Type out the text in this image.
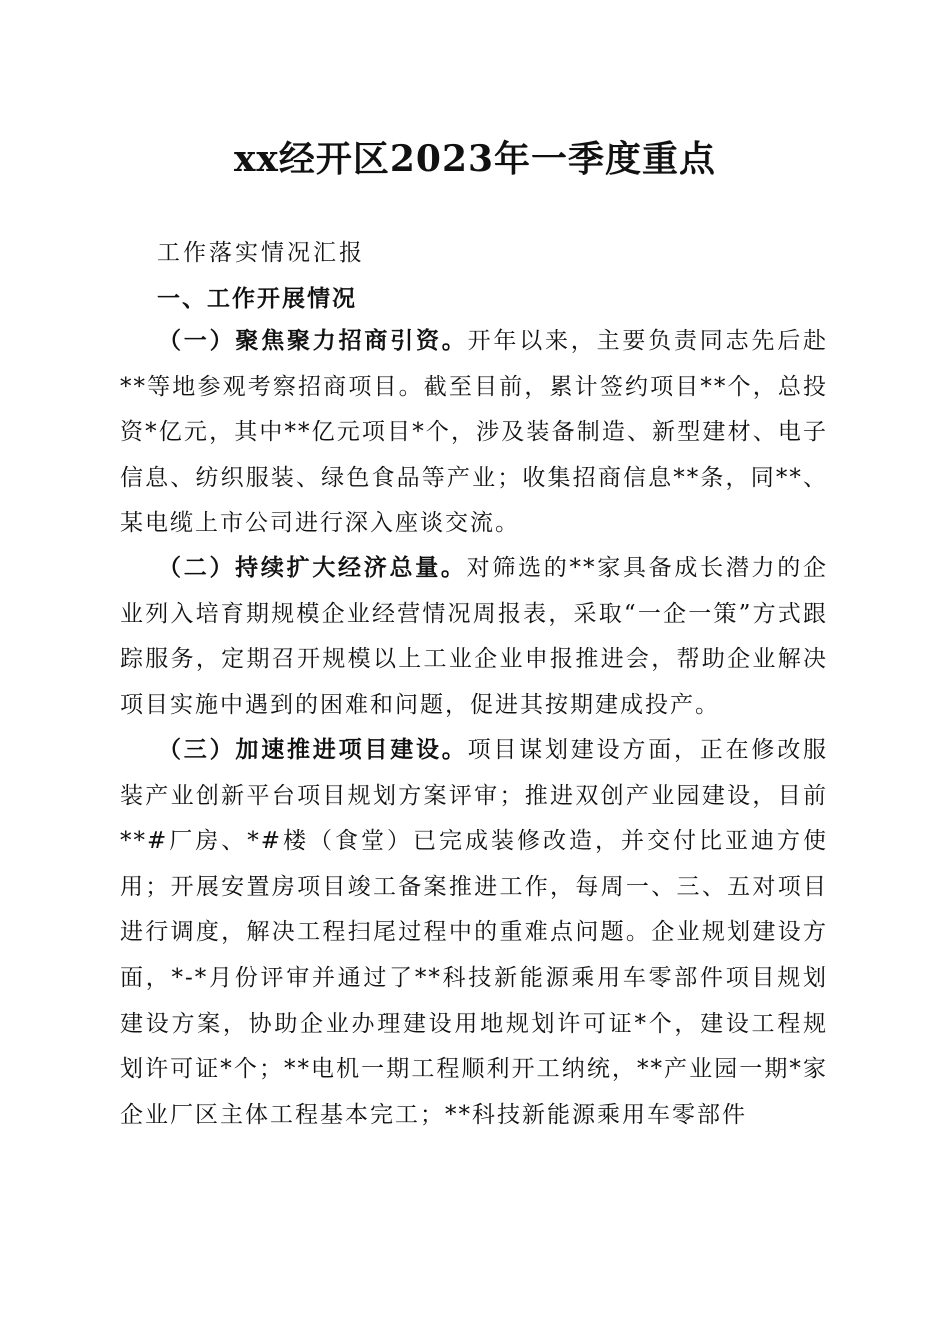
xx经开区2023年一季度重点
工作落实情况汇报
一、工作开展情况
（一）聚焦聚力招商引资。开年以来，主要负责同志先后赴**等地参观考察招商项目。截至目前，累计签约项目**个，总投资*亿元，其中**亿元项目*个，涉及装备制造、新型建材、电子信息、纺织服装、绿色食品等产业；收集招商信息**条，同**、某电缆上市公司进行深入座谈交流。
（二）持续扩大经济总量。对筛选的**家具备成长潜力的企业列入培育期规模企业经营情况周报表，采取“一企一策”方式跟踪服务，定期召开规模以上工业企业申报推进会，帮助企业解决项目实施中遇到的困难和问题，促进其按期建成投产。
（三）加速推进项目建设。项目谋划建设方面，正在修改服装产业创新平台项目规划方案评审；推进双创产业园建设，目前**#厂房、*#楼（食堂）已完成装修改造，并交付比亚迪方使用；开展安置房项目竣工备案推进工作，每周一、三、五对项目进行调度，解决工程扫尾过程中的重难点问题。企业规划建设方面，*-*月份评审并通过了**科技新能源乘用车零部件项目规划建设方案，协助企业办理建设用地规划许可证*个，建设工程规划许可证*个；**电机一期工程顺利开工纳统，**产业园一期*家企业厂区主体工程基本完工；**科技新能源乘用车零部件
